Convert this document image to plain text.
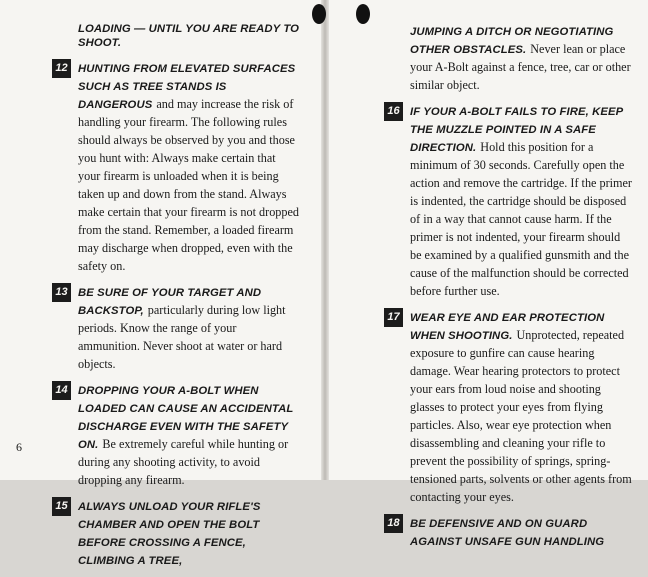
LOADING — UNTIL YOU ARE READY TO SHOOT.
12 HUNTING FROM ELEVATED SURFACES SUCH AS TREE STANDS IS DANGEROUS and may increase the risk of handling your firearm. The following rules should always be observed by you and those you hunt with: Always make certain that your firearm is unloaded when it is being taken up and down from the stand. Always make certain that your firearm is not dropped from the stand. Remember, a loaded firearm may discharge when dropped, even with the safety on.
13 BE SURE OF YOUR TARGET AND BACKSTOP, particularly during low light periods. Know the range of your ammunition. Never shoot at water or hard objects.
14 DROPPING YOUR A-BOLT WHEN LOADED CAN CAUSE AN ACCIDENTAL DISCHARGE EVEN WITH THE SAFETY ON. Be extremely careful while hunting or during any shooting activity, to avoid dropping any firearm.
15 ALWAYS UNLOAD YOUR RIFLE'S CHAMBER AND OPEN THE BOLT BEFORE CROSSING A FENCE, CLIMBING A TREE,
6
JUMPING A DITCH OR NEGOTIATING OTHER OBSTACLES. Never lean or place your A-Bolt against a fence, tree, car or other similar object.
16 IF YOUR A-BOLT FAILS TO FIRE, KEEP THE MUZZLE POINTED IN A SAFE DIRECTION. Hold this position for a minimum of 30 seconds. Carefully open the action and remove the cartridge. If the primer is indented, the cartridge should be disposed of in a way that cannot cause harm. If the primer is not indented, your firearm should be examined by a qualified gunsmith and the cause of the malfunction should be corrected before further use.
17 WEAR EYE AND EAR PROTECTION WHEN SHOOTING. Unprotected, repeated exposure to gunfire can cause hearing damage. Wear hearing protectors to protect your ears from loud noise and shooting glasses to protect your eyes from flying particles. Also, wear eye protection when disassembling and cleaning your rifle to prevent the possibility of springs, spring-tensioned parts, solvents or other agents from contacting your eyes.
18 BE DEFENSIVE AND ON GUARD AGAINST UNSAFE GUN HANDLING
